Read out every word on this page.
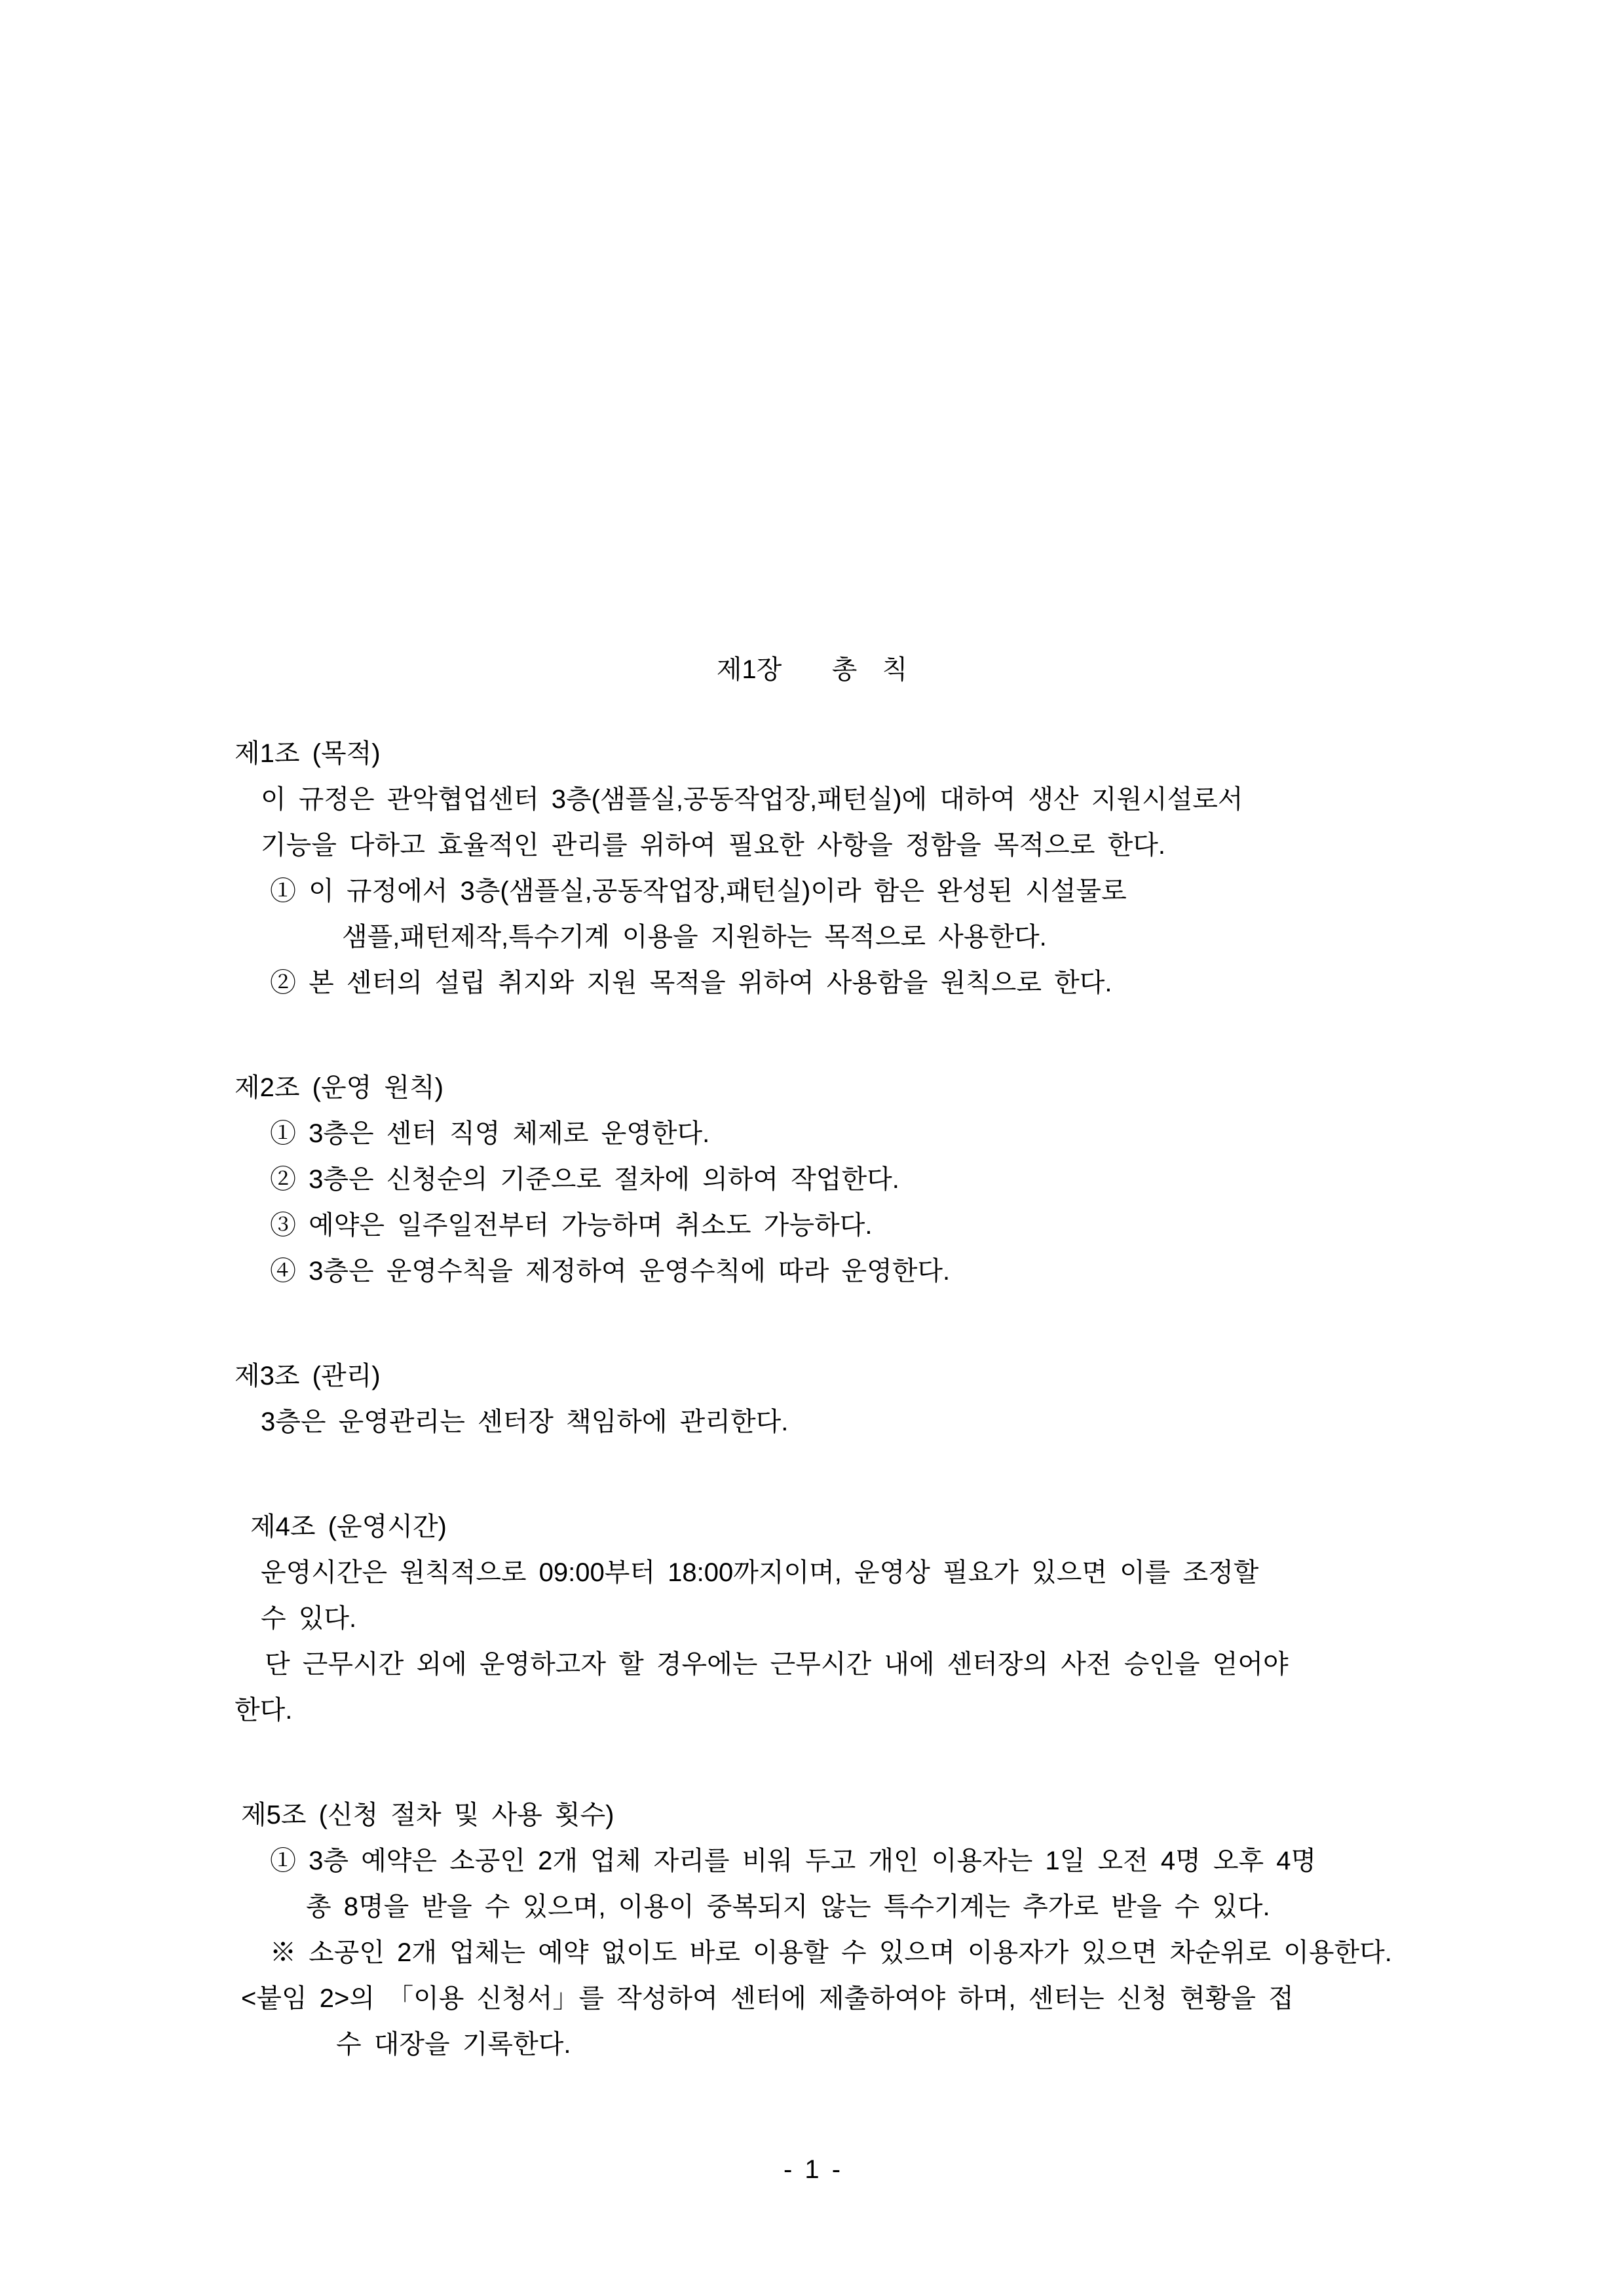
제1장    총  칙
제1조 (목적)
이 규정은 관악협업센터 3층(샘플실,공동작업장,패턴실)에 대하여 생산 지원시설로서
기능을 다하고 효율적인 관리를 위하여 필요한 사항을 정함을 목적으로 한다.
① 이 규정에서 3층(샘플실,공동작업장,패턴실)이라 함은 완성된 시설물로
샘플,패턴제작,특수기계 이용을 지원하는 목적으로 사용한다.
② 본 센터의 설립 취지와 지원 목적을 위하여 사용함을 원칙으로 한다.
제2조 (운영 원칙)
① 3층은 센터 직영 체제로 운영한다.
② 3층은 신청순의 기준으로 절차에 의하여 작업한다.
③ 예약은 일주일전부터 가능하며 취소도 가능하다.
④ 3층은 운영수칙을 제정하여 운영수칙에 따라 운영한다.
제3조 (관리)
3층은 운영관리는 센터장 책임하에 관리한다.
제4조 (운영시간)
운영시간은 원칙적으로 09:00부터 18:00까지이며, 운영상 필요가 있으면 이를 조정할
수 있다.
단 근무시간 외에 운영하고자 할 경우에는 근무시간 내에 센터장의 사전 승인을 얻어야
한다.
제5조 (신청 절차 및 사용 횟수)
① 3층 예약은 소공인 2개 업체 자리를 비워 두고 개인 이용자는 1일 오전 4명 오후 4명
총 8명을 받을 수 있으며, 이용이 중복되지 않는 특수기계는 추가로 받을 수 있다.
※ 소공인 2개 업체는 예약 없이도 바로 이용할 수 있으며 이용자가 있으면 차순위로 이용한다.
<붙임 2>의 「이용 신청서」를 작성하여 센터에 제출하여야 하며, 센터는 신청 현황을 접
수 대장을 기록한다.
- 1 -
